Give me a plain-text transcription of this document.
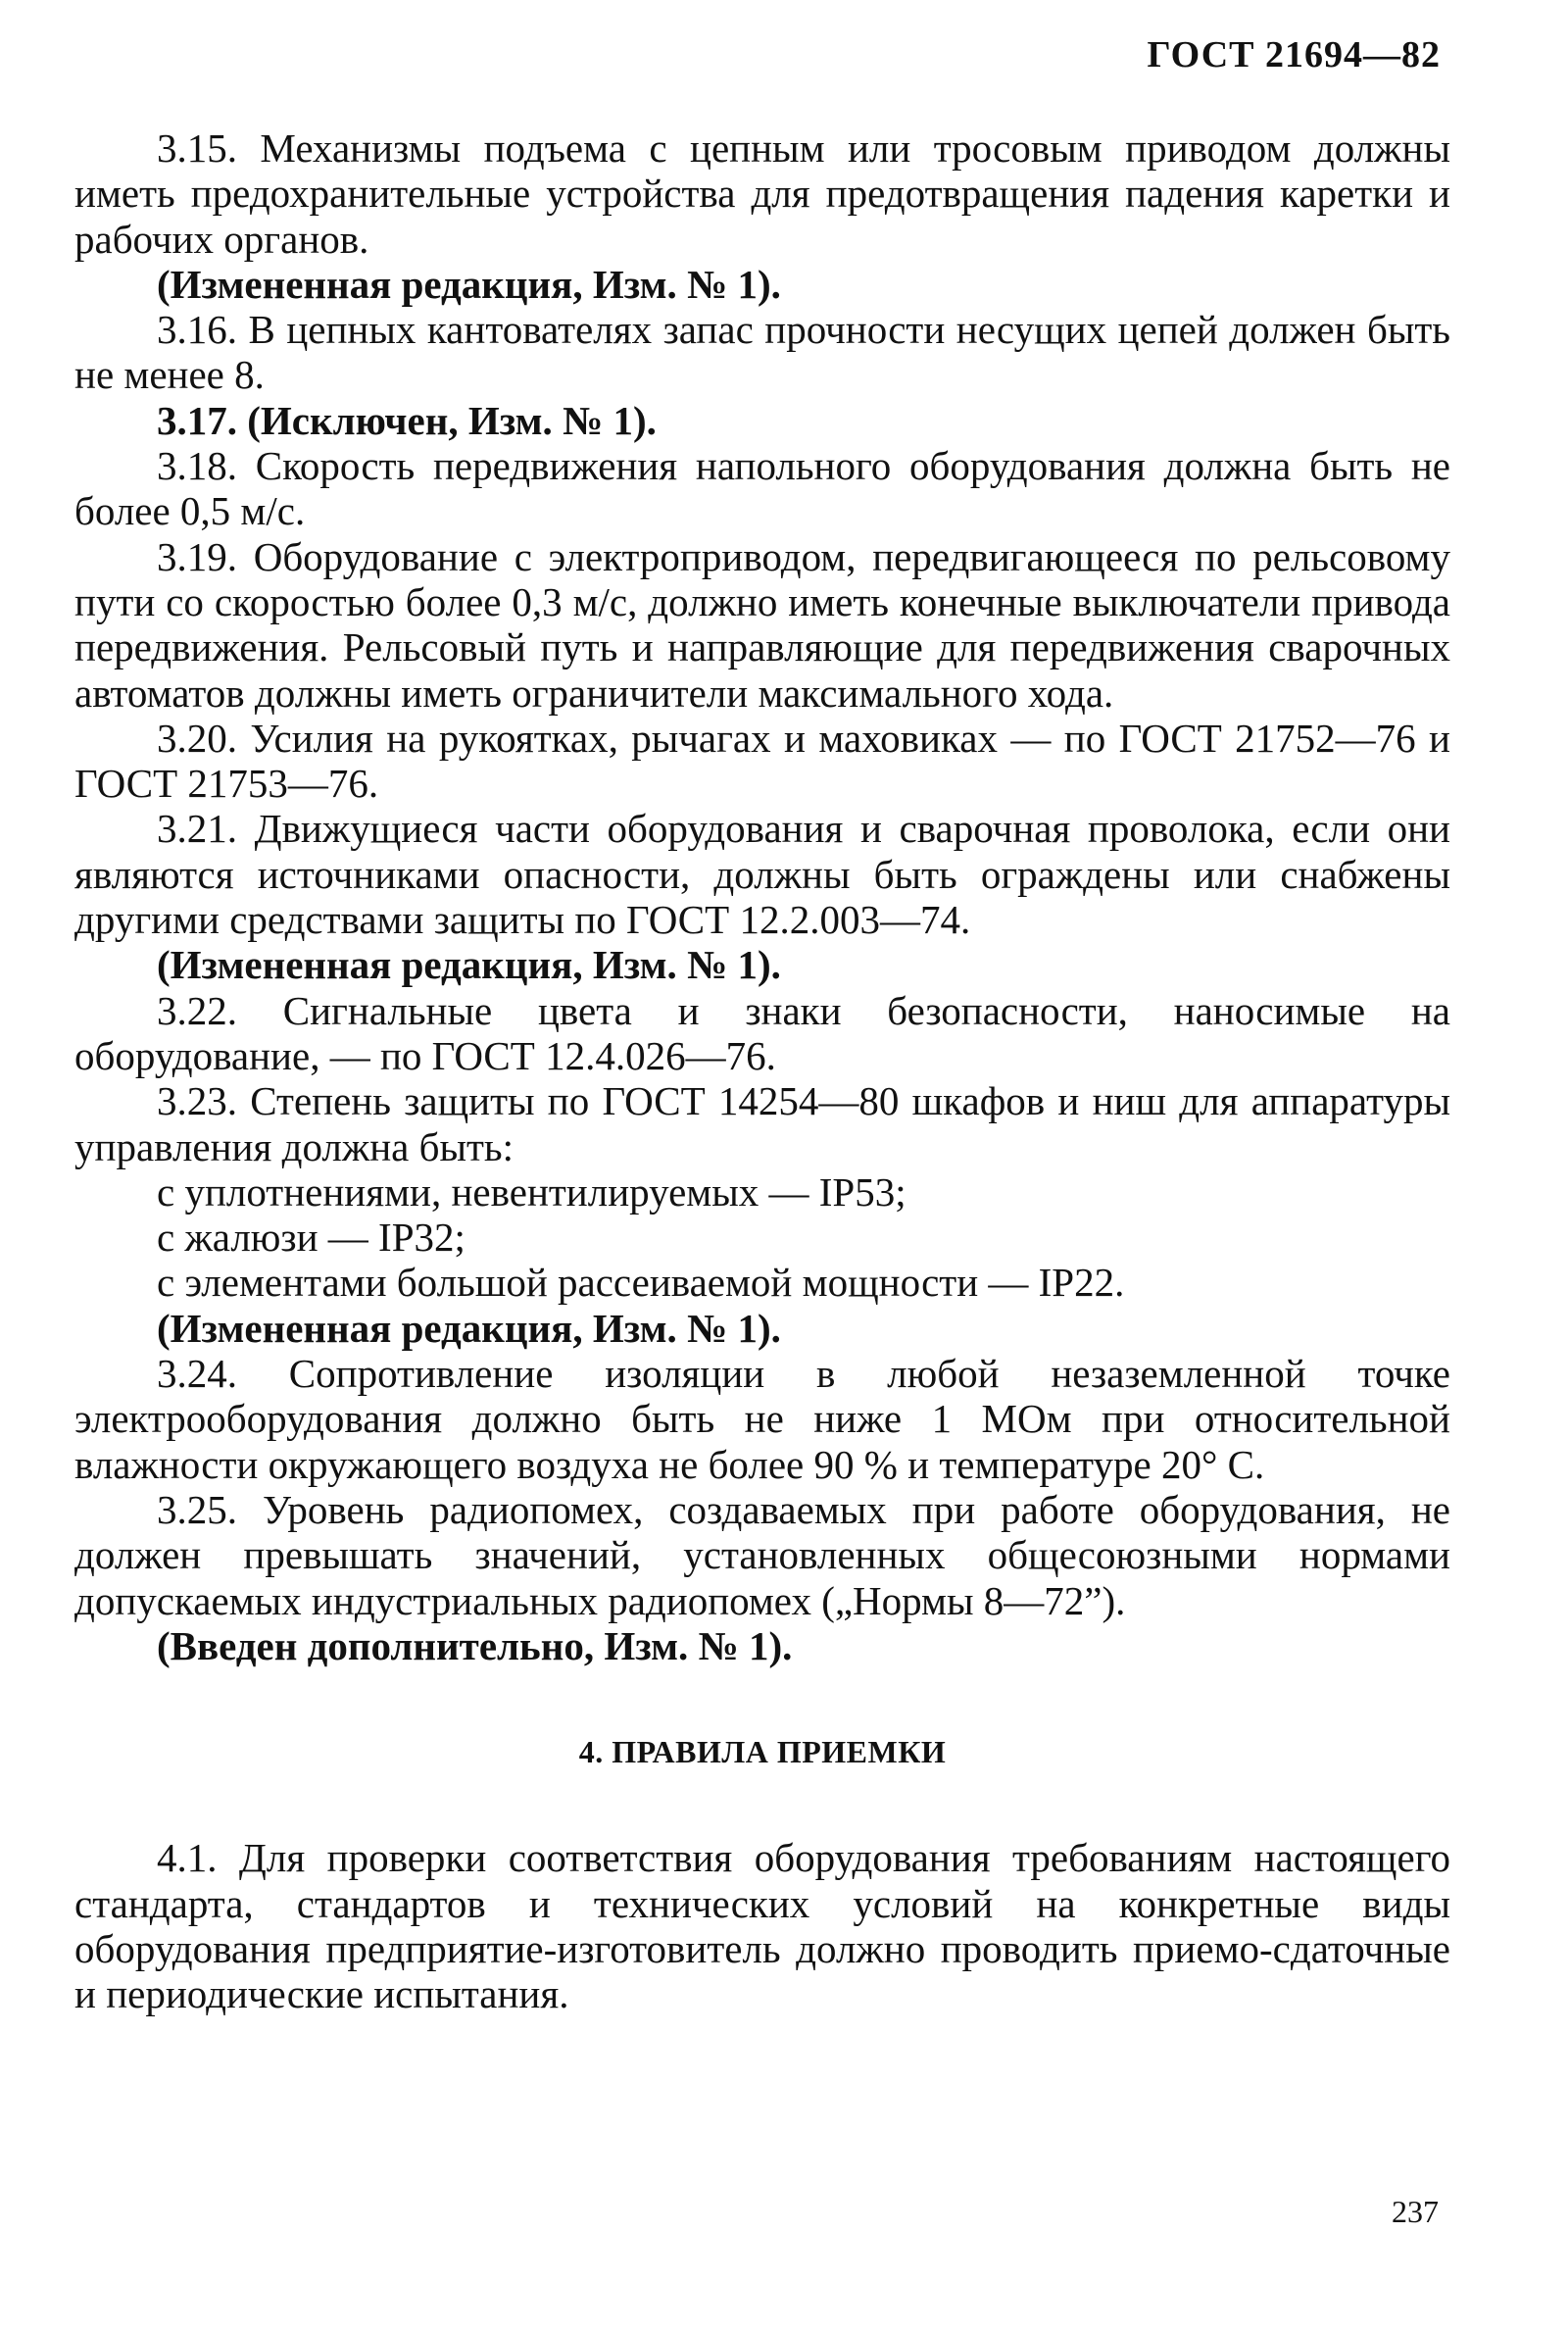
ГОСТ 21694—82

3.15. Механизмы подъема с цепным или тросовым приводом должны иметь предохранительные устройства для предотвращения падения каретки и рабочих органов.

(Измененная редакция, Изм. № 1).

3.16. В цепных кантователях запас прочности несущих цепей должен быть не менее 8.

3.17. (Исключен, Изм. № 1).

3.18. Скорость передвижения напольного оборудования должна быть не более 0,5 м/с.

3.19. Оборудование с электроприводом, передвигающееся по рельсовому пути со скоростью более 0,3 м/с, должно иметь конечные выключатели привода передвижения. Рельсовый путь и направляющие для передвижения сварочных автоматов должны иметь ограничители максимального хода.

3.20. Усилия на рукоятках, рычагах и маховиках — по ГОСТ 21752—76 и ГОСТ 21753—76.

3.21. Движущиеся части оборудования и сварочная проволока, если они являются источниками опасности, должны быть ограждены или снабжены другими средствами защиты по ГОСТ 12.2.003—74.

(Измененная редакция, Изм. № 1).

3.22. Сигнальные цвета и знаки безопасности, наносимые на оборудование, — по ГОСТ 12.4.026—76.

3.23. Степень защиты по ГОСТ 14254—80 шкафов и ниш для аппаратуры управления должна быть:

с уплотнениями, невентилируемых — IP53;

с жалюзи — IP32;

с элементами большой рассеиваемой мощности — IP22.

(Измененная редакция, Изм. № 1).

3.24. Сопротивление изоляции в любой незаземленной точке электрооборудования должно быть не ниже 1 МОм при относительной влажности окружающего воздуха не более 90 % и температуре 20° С.

3.25. Уровень радиопомех, создаваемых при работе оборудования, не должен превышать значений, установленных общесоюзными нормами допускаемых индустриальных радиопомех („Нормы 8—72”).

(Введен дополнительно, Изм. № 1).

4. ПРАВИЛА ПРИЕМКИ

4.1. Для проверки соответствия оборудования требованиям настоящего стандарта, стандартов и технических условий на конкретные виды оборудования предприятие-изготовитель должно проводить приемо-сдаточные и периодические испытания.

237
